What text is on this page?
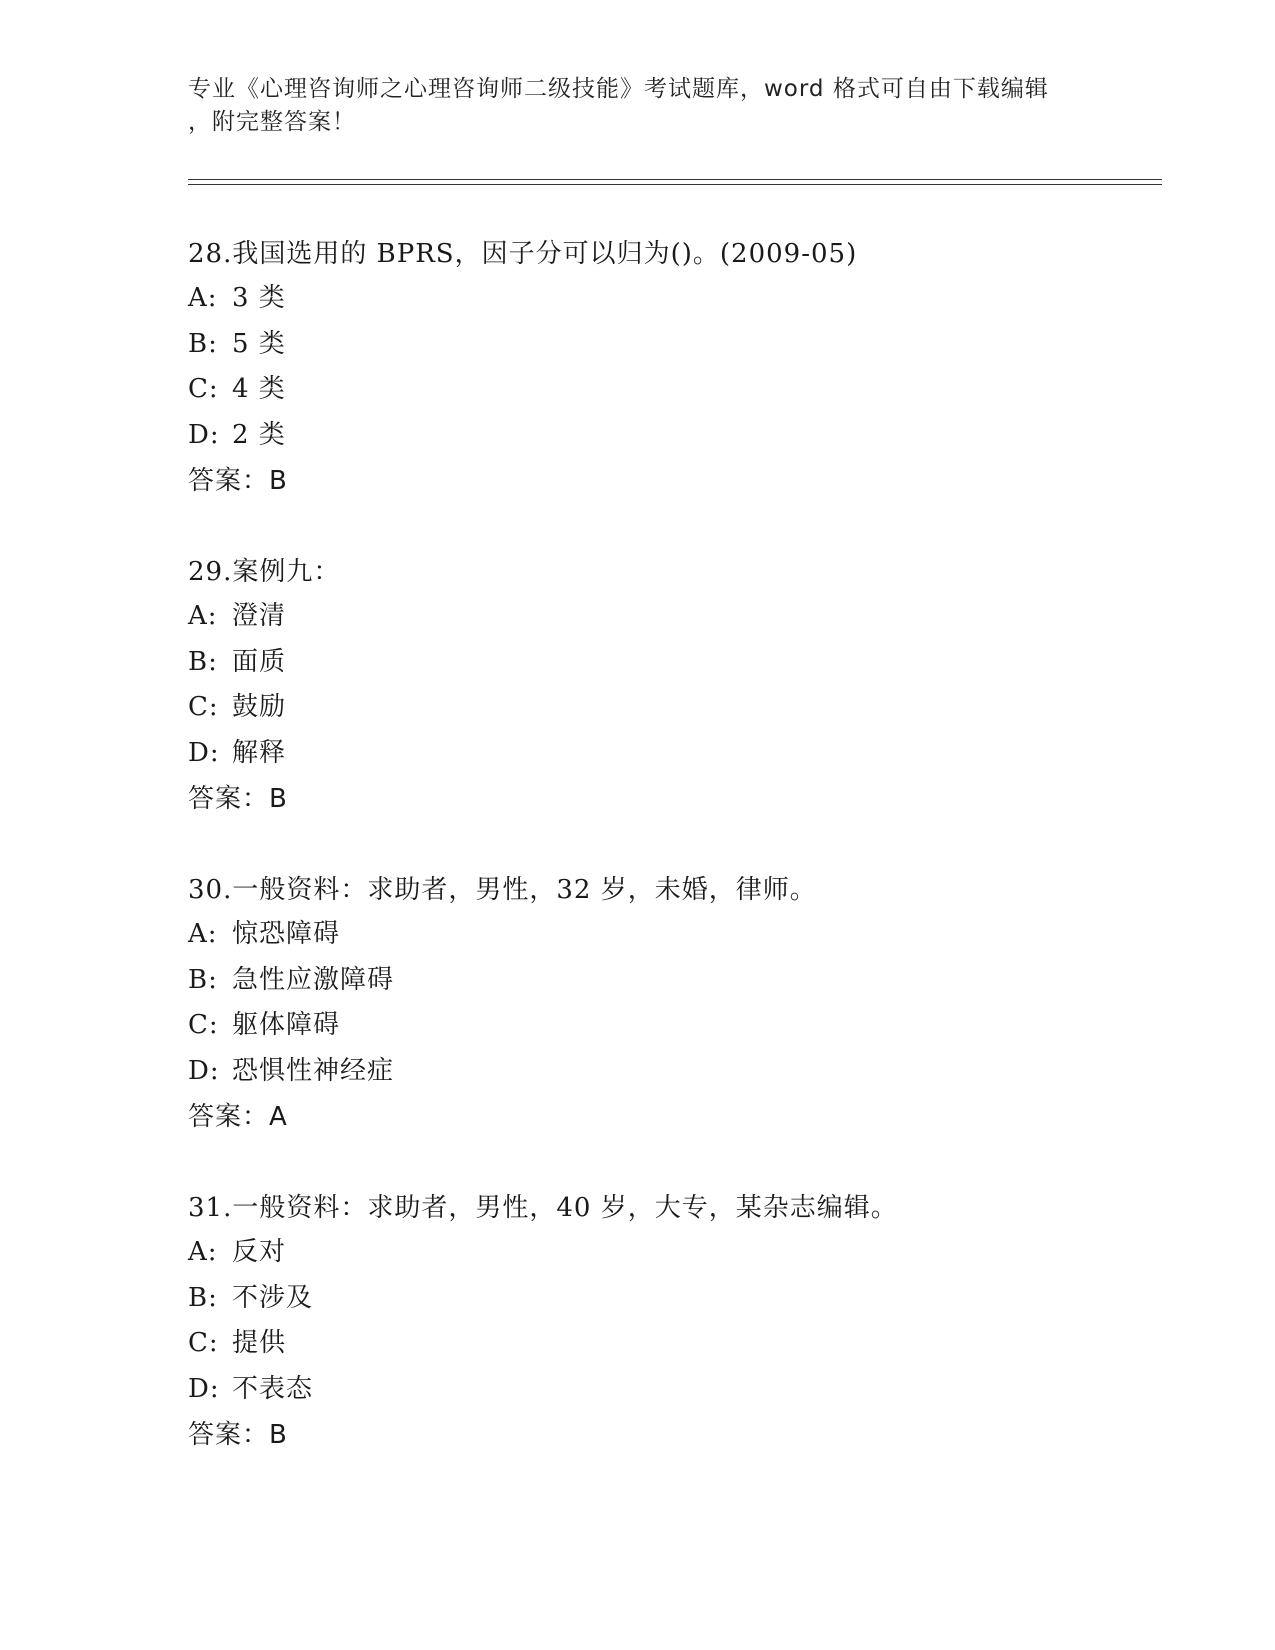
专业《心理咨询师之心理咨询师二级技能》考试题库，word 格式可自由下载编辑
，附完整答案！
28.我国选用的 BPRS，因子分可以归为()。(2009-05)
A: 3 类
B: 5 类
C: 4 类
D: 2 类
答案：B
29.案例九：
A: 澄清
B: 面质
C: 鼓励
D: 解释
答案：B
30.一般资料：求助者，男性，32 岁，未婚，律师。
A: 惊恐障碍
B: 急性应激障碍
C: 躯体障碍
D: 恐惧性神经症
答案：A
31.一般资料：求助者，男性，40 岁，大专，某杂志编辑。
A: 反对
B: 不涉及
C: 提供
D: 不表态
答案：B
